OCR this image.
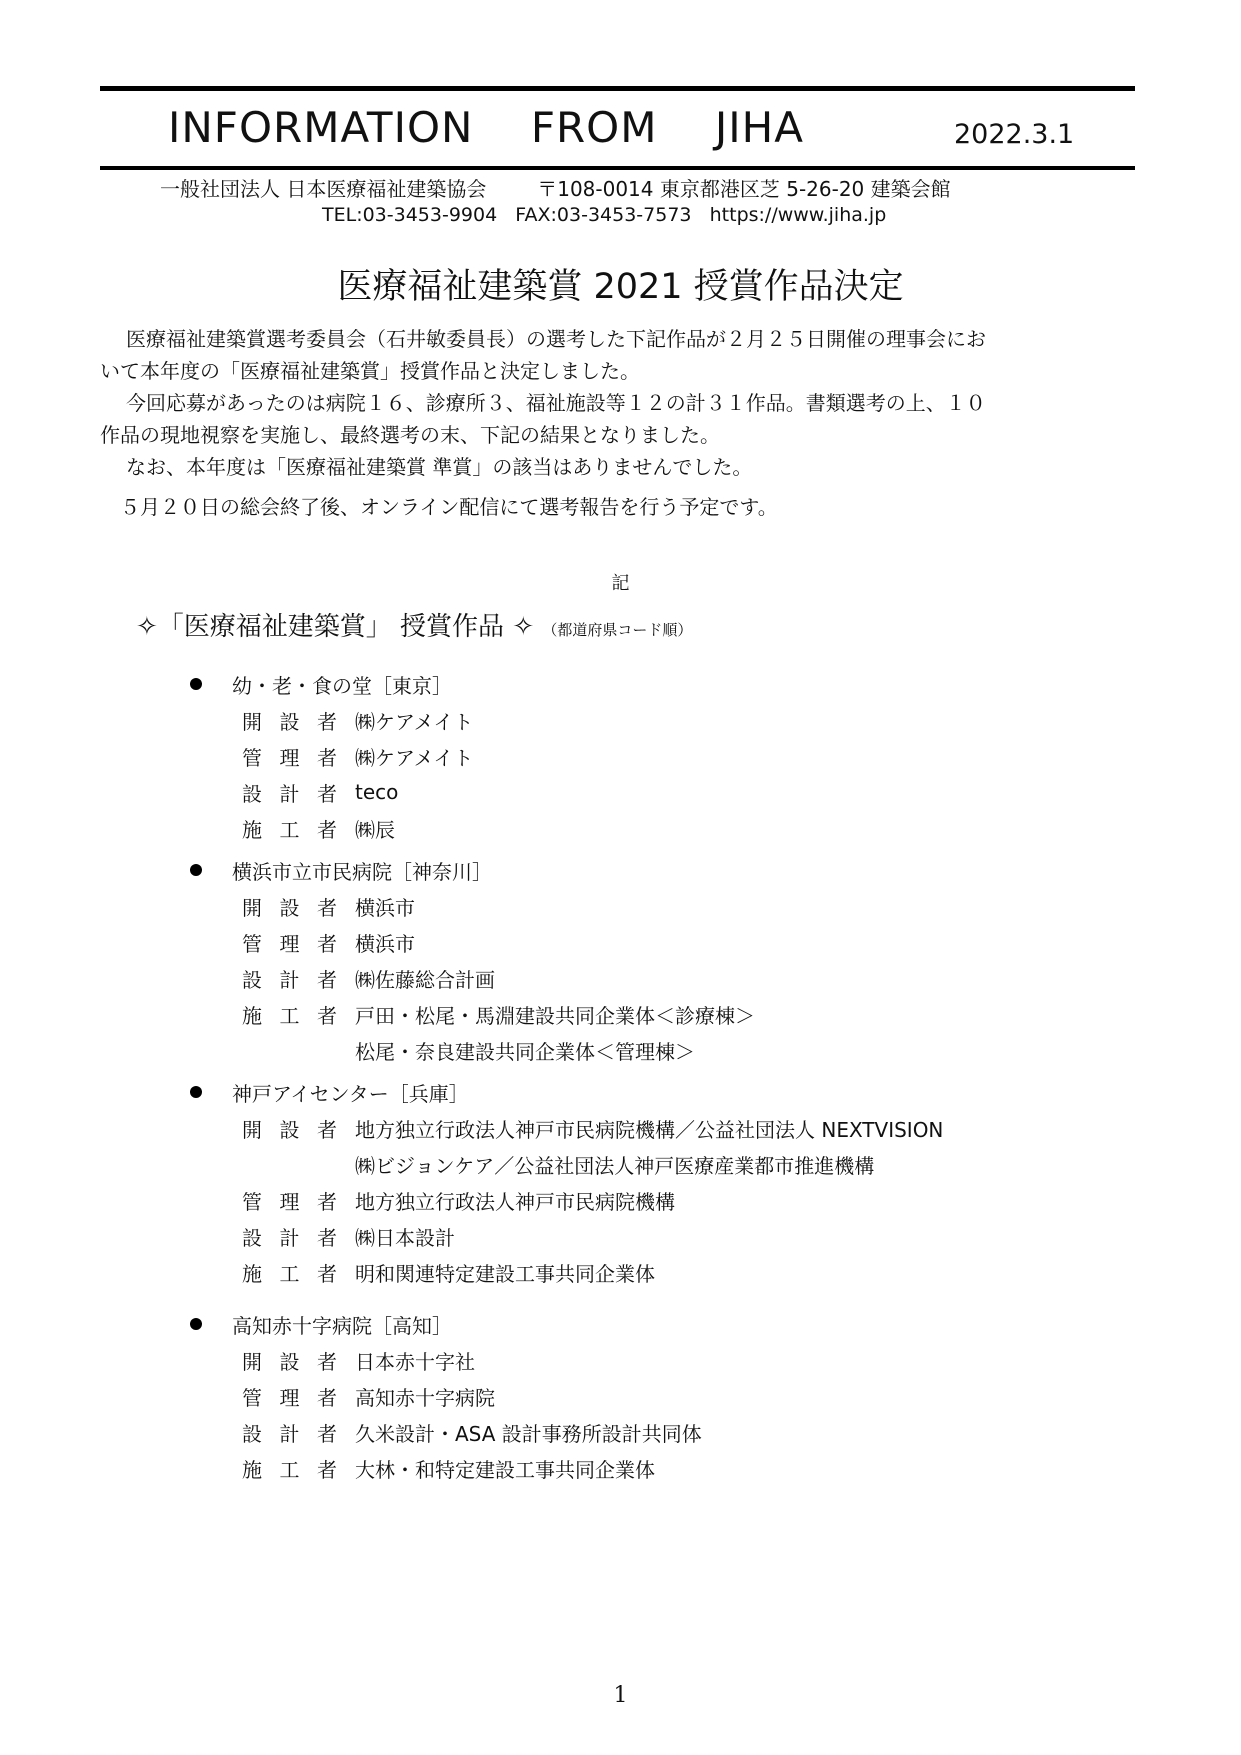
INFORMATION    FROM    JIHA	2022.3.1
一般社団法人 日本医療福祉建築協会        〒108-0014 東京都港区芝 5-26-20 建築会館
TEL:03-3453-9904   FAX:03-3453-7573   https://www.jiha.jp
医療福祉建築賞 2021 授賞作品決定

医療福祉建築賞選考委員会（石井敏委員長）の選考した下記作品が２月２５日開催の理事会にお

いて本年度の「医療福祉建築賞」授賞作品と決定しました。

今回応募があったのは病院１６、診療所３、福祉施設等１２の計３１作品。書類選考の上、１０

作品の現地視察を実施し、最終選考の末、下記の結果となりました。

なお、本年度は「医療福祉建築賞 準賞」の該当はありませんでした。

５月２０日の総会終了後、オンライン配信にて選考報告を行う予定です。

記
✧「医療福祉建築賞」 授賞作品 ✧ （都道府県コード順）
幼・老・食の堂［東京］
開 設 者 ㈱ケアメイト
管 理 者 ㈱ケアメイト
設 計 者 teco
施 工 者 ㈱辰
横浜市立市民病院［神奈川］
開 設 者 横浜市
管 理 者 横浜市
設 計 者 ㈱佐藤総合計画
施 工 者 戸田・松尾・馬淵建設共同企業体＜診療棟＞
松尾・奈良建設共同企業体＜管理棟＞
神戸アイセンター［兵庫］
開 設 者 地方独立行政法人神戸市民病院機構／公益社団法人 NEXTVISION
㈱ビジョンケア／公益社団法人神戸医療産業都市推進機構
管 理 者 地方独立行政法人神戸市民病院機構
設 計 者 ㈱日本設計
施 工 者 明和関連特定建設工事共同企業体
高知赤十字病院［高知］
開 設 者 日本赤十字社
管 理 者 高知赤十字病院
設 計 者 久米設計・ASA 設計事務所設計共同体
施 工 者 大林・和特定建設工事共同企業体
1
